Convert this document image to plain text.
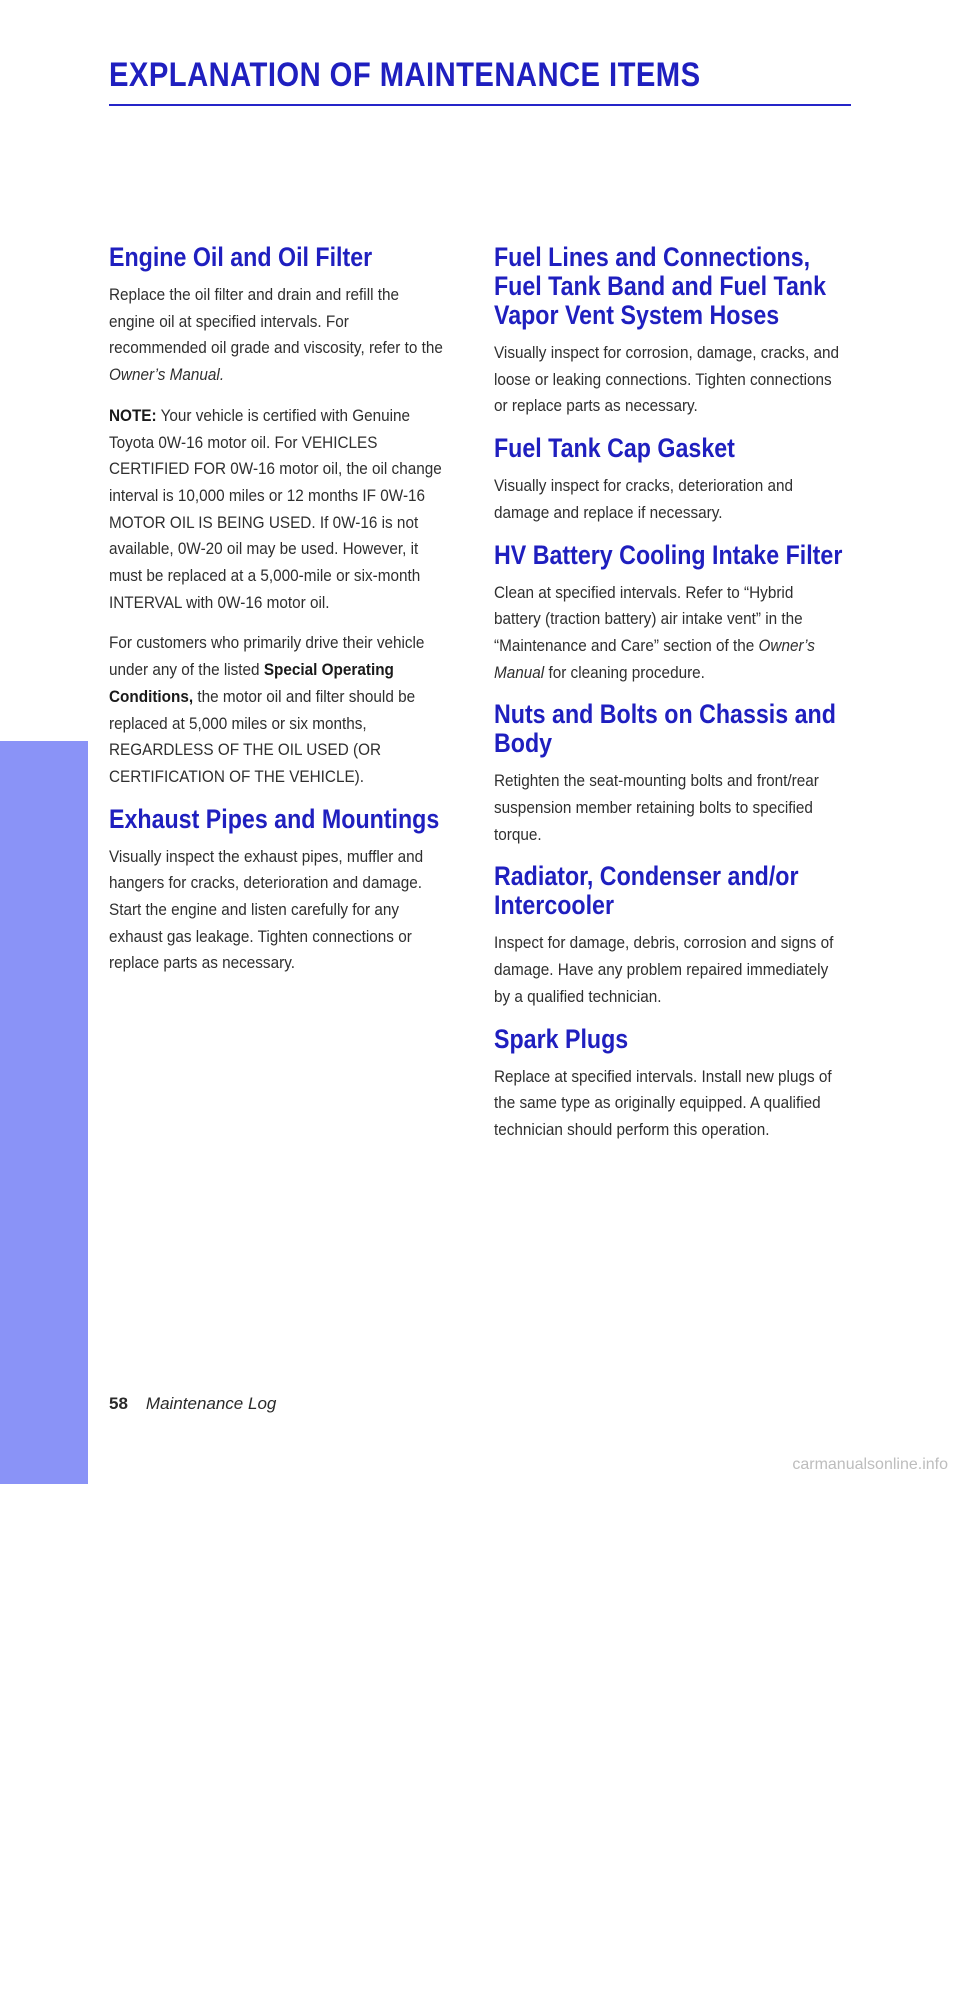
EXPLANATION OF MAINTENANCE ITEMS
MAINTENANCE
Engine Oil and Oil Filter

Replace the oil filter and drain and refill the engine oil at specified intervals. For recommended oil grade and viscosity, refer to the Owner’s Manual.

NOTE: Your vehicle is certified with Genuine Toyota 0W-16 motor oil. For VEHICLES CERTIFIED FOR 0W-16 motor oil, the oil change interval is 10,000 miles or 12 months IF 0W-16 MOTOR OIL IS BEING USED. If 0W-16 is not available, 0W-20 oil may be used. However, it must be replaced at a 5,000-mile or six-month INTERVAL with 0W-16 motor oil.

For customers who primarily drive their vehicle under any of the listed Special Operating Conditions, the motor oil and filter should be replaced at 5,000 miles or six months, REGARDLESS OF THE OIL USED (OR CERTIFICATION OF THE VEHICLE).

Exhaust Pipes and Mountings

Visually inspect the exhaust pipes, muffler and hangers for cracks, deterioration and damage. Start the engine and listen carefully for any exhaust gas leakage. Tighten connections or replace parts as necessary.

Fuel Lines and Connections, Fuel Tank Band and Fuel Tank Vapor Vent System Hoses

Visually inspect for corrosion, damage, cracks, and loose or leaking connections. Tighten connections or replace parts as necessary.

Fuel Tank Cap Gasket

Visually inspect for cracks, deterioration and damage and replace if necessary.

HV Battery Cooling Intake Filter

Clean at specified intervals. Refer to “Hybrid battery (traction battery) air intake vent” in the “Maintenance and Care” section of the Owner’s Manual for cleaning procedure.

Nuts and Bolts on Chassis and Body

Retighten the seat-mounting bolts and front/rear suspension member retaining bolts to specified torque.

Radiator, Condenser and/or Intercooler

Inspect for damage, debris, corrosion and signs of damage. Have any problem repaired immediately by a qualified technician.

Spark Plugs

Replace at specified intervals. Install new plugs of the same type as originally equipped. A qualified technician should perform this operation.

58 Maintenance Log
carmanualsonline.info
